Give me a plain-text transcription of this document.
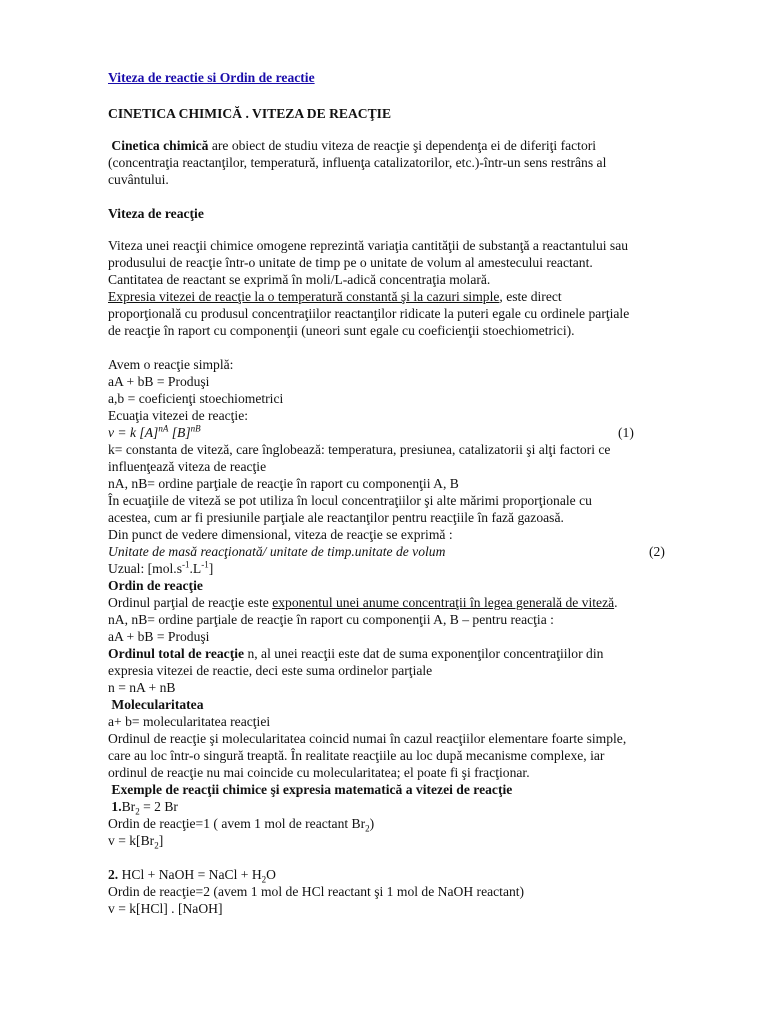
Viteza de reactie si Ordin de reactie
CINETICA CHIMICĂ . VITEZA DE REACŢIE
Cinetica chimică are obiect de studiu viteza de reacţie şi dependenţa ei de diferiţi factori
(concentraţia reactanţilor, temperatură, influenţa catalizatorilor, etc.)-într-un sens restrâns al
cuvântului.
Viteza de reacţie
Viteza unei reacţii chimice omogene reprezintă variaţia cantităţii de substanţă a reactantului sau
produsului de reacţie într-o unitate de timp pe o unitate de volum al amestecului reactant.
Cantitatea de reactant se exprimă în moli/L-adică concentraţia molară.
Expresia vitezei de reacţie la o temperatură constantă şi la cazuri simple, este direct
proporţională cu produsul concentraţiilor reactanţilor ridicate la puteri egale cu ordinele parţiale
de reacţie în raport cu componenţii (uneori sunt egale cu coeficienţii stoechiometrici).
Avem o reacţie simplă:
aA + bB = Produşi
a,b = coeficienţi stoechiometrici
Ecuaţia vitezei de reacţie:
v = k $[A]^{nA}$ $[B]^{nB}$	(1)
k= constanta de viteză, care înglobează: temperatura, presiunea, catalizatorii şi alţi factori ce
influenţează viteza de reacţie
nA, nB= ordine parţiale de reacţie în raport cu componenţii A, B
În ecuaţiile de viteză se pot utiliza în locul concentraţiilor şi alte mărimi proporţionale cu
acestea, cum ar fi presiunile parţiale ale reactanţilor pentru reacţiile în fază gazoasă.
Din punct de vedere dimensional, viteza de reacţie se exprimă :
Unitate de masă reacţionată/ unitate de timp.unitate de volum	(2)
Uzual: $[mol.s^{-1}.L^{-1}]$
Ordin de reacţie
Ordinul parţial de reacţie este exponentul unei anume concentraţii în legea generală de viteză.
nA, nB= ordine parţiale de reacţie în raport cu componenţii A, B – pentru reacţia :
aA + bB = Produşi
Ordinul total de reacţie n, al unei reacţii este dat de suma exponenţilor concentraţiilor din
expresia vitezei de reactie, deci este suma ordinelor parţiale
n = nA + nB
Molecularitatea
a+ b= molecularitatea reacţiei
Ordinul de reacţie şi molecularitatea coincid numai în cazul reacţiilor elementare foarte simple,
care au loc într-o singură treaptă. În realitate reacţiile au loc după mecanisme complexe, iar
ordinul de reacţie nu mai coincide cu molecularitatea; el poate fi şi fracţionar.
Exemple de reacţii chimice şi expresia matematică a vitezei de reacţie
$1.Br_2 = 2$ Br
Ordin de reacţie=1 ( avem 1 mol de reactant $Br_2$)
$v = k[Br_2]$
2. HCl + NaOH = NaCl + $H_2O$
Ordin de reacţie=2 (avem 1 mol de HCl reactant şi 1 mol de NaOH reactant)
v = k[HCl] . [NaOH]
